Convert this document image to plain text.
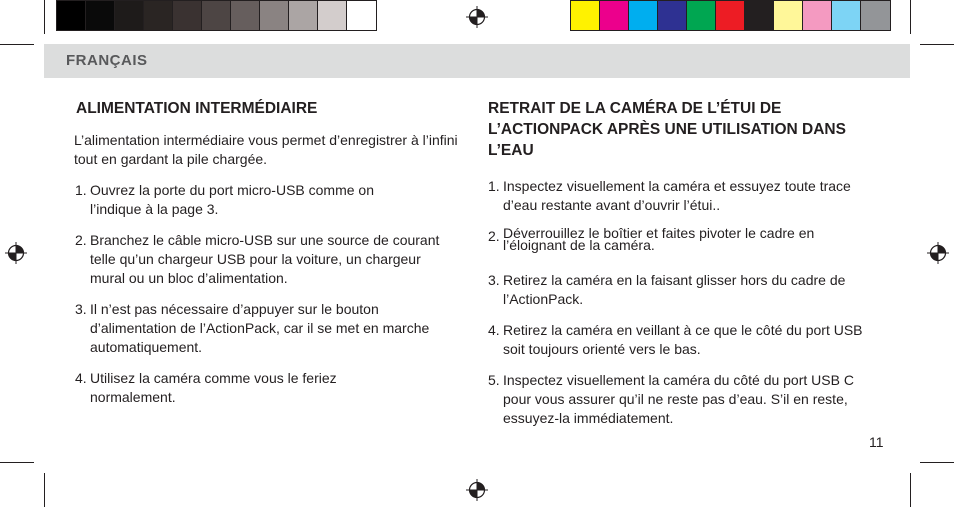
FRANÇAIS
ALIMENTATION INTERMÉDIAIRE
L’alimentation intermédiaire vous permet d’enregistrer à l’infini tout en gardant la pile chargée.
1. Ouvrez la porte du port micro-USB comme on l’indique à la page 3.
2. Branchez le câble micro-USB sur une source de courant telle qu’un chargeur USB pour la voiture, un chargeur mural ou un bloc d’alimentation.
3. Il n’est pas nécessaire d’appuyer sur le bouton d’alimentation de l’ActionPack, car il se met en marche automatiquement.
4. Utilisez la caméra comme vous le feriez normalement.
RETRAIT DE LA CAMÉRA DE L’ÉTUI DE L’ACTIONPACK APRÈS UNE UTILISATION DANS L’EAU
1. Inspectez visuellement la caméra et essuyez toute trace d’eau restante avant d’ouvrir l’étui..
2. Déverrouillez le boîtier et faites pivoter le cadre en l’éloignant de la caméra.
3. Retirez la caméra en la faisant glisser hors du cadre de l’ActionPack.
4. Retirez la caméra en veillant à ce que le côté du port USB soit toujours orienté vers le bas.
5. Inspectez visuellement la caméra du côté du port USB C pour vous assurer qu’il ne reste pas d’eau. S’il en reste, essuyez-la immédiatement.
11
